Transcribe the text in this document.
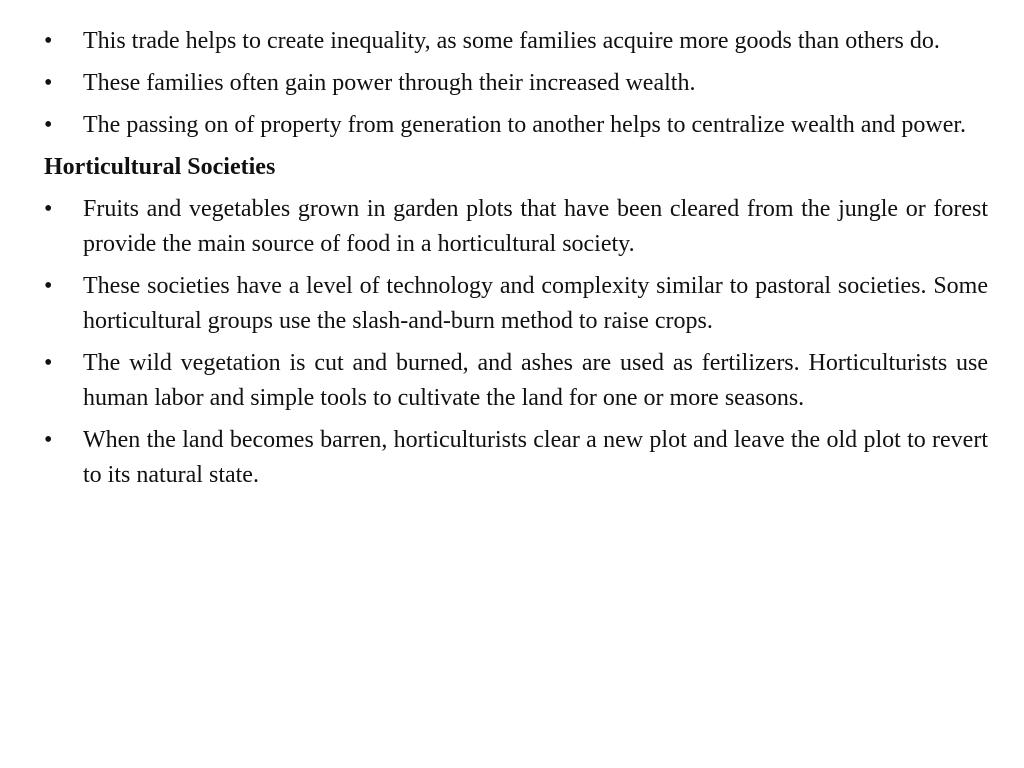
•	This trade helps to create inequality, as some families acquire more goods than others do.
•	These families often gain power through their increased wealth.
•	The passing on of property from generation to another helps to centralize wealth and power.
Horticultural Societies
•	Fruits and vegetables grown in garden plots that have been cleared from the jungle or forest provide the main source of food in a horticultural society.
•	These societies have a level of technology and complexity similar to pastoral societies. Some horticultural groups use the slash-and-burn method to raise crops.
•	The wild vegetation is cut and burned, and ashes are used as fertilizers. Horticulturists use human labor and simple tools to cultivate the land for one or more seasons.
•	When the land becomes barren, horticulturists clear a new plot and leave the old plot to revert to its natural state.
